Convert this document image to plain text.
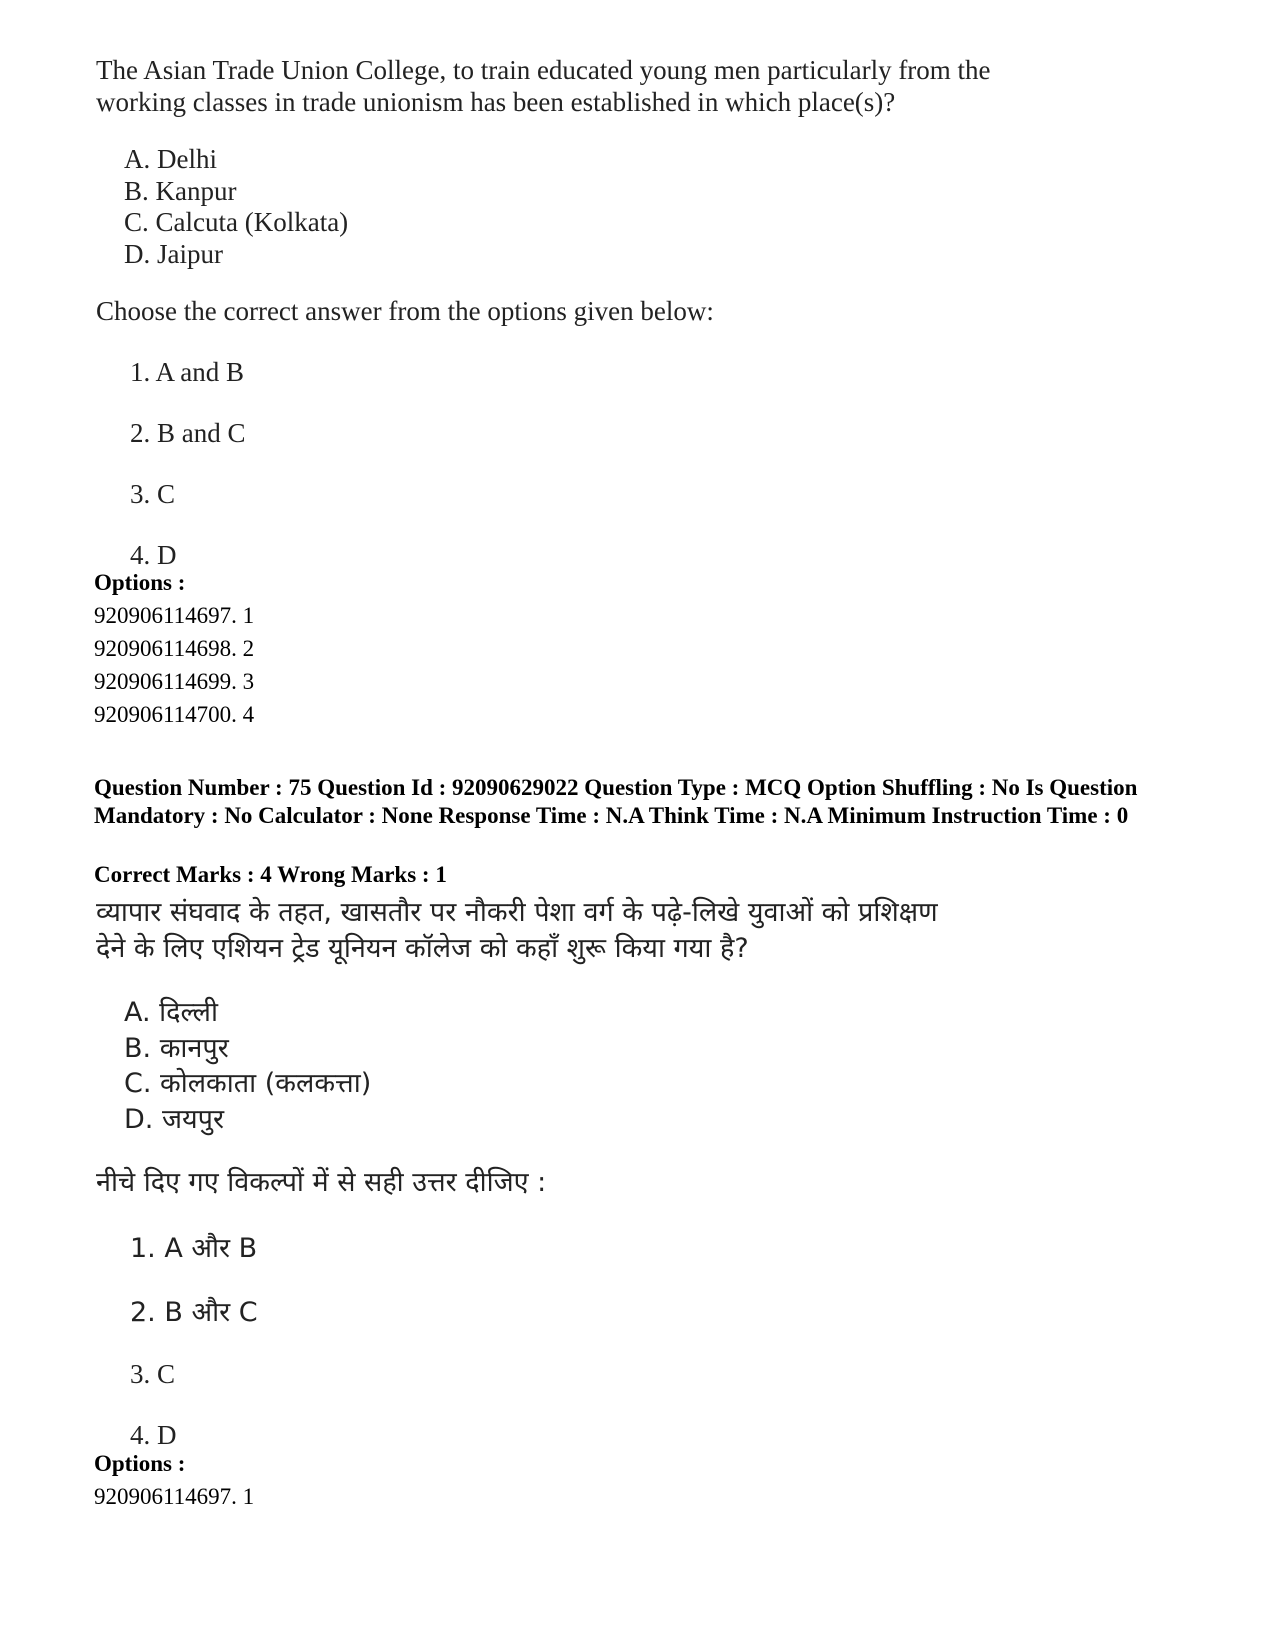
The Asian Trade Union College, to train educated young men particularly from the
working classes in trade unionism has been established in which place(s)?
A. Delhi
B. Kanpur
C. Calcuta (Kolkata)
D. Jaipur
Choose the correct answer from the options given below:
1. A and B
2. B and C
3. C
4. D
Options :
920906114697. 1
920906114698. 2
920906114699. 3
920906114700. 4
Question Number : 75 Question Id : 92090629022 Question Type : MCQ Option Shuffling : No Is Question Mandatory : No Calculator : None Response Time : N.A Think Time : N.A Minimum Instruction Time : 0
Correct Marks : 4 Wrong Marks : 1
व्यापार संघवाद के तहत, खासतौर पर नौकरी पेशा वर्ग के पढ़े-लिखे युवाओं को प्रशिक्षण
देने के लिए एशियन ट्रेड यूनियन कॉलेज को कहाँ शुरू किया गया है?
A. दिल्ली
B. कानपुर
C. कोलकाता (कलकत्ता)
D. जयपुर
नीचे दिए गए विकल्पों में से सही उत्तर दीजिए :
1. A और B
2. B और C
3. C
4. D
Options :
920906114697. 1
